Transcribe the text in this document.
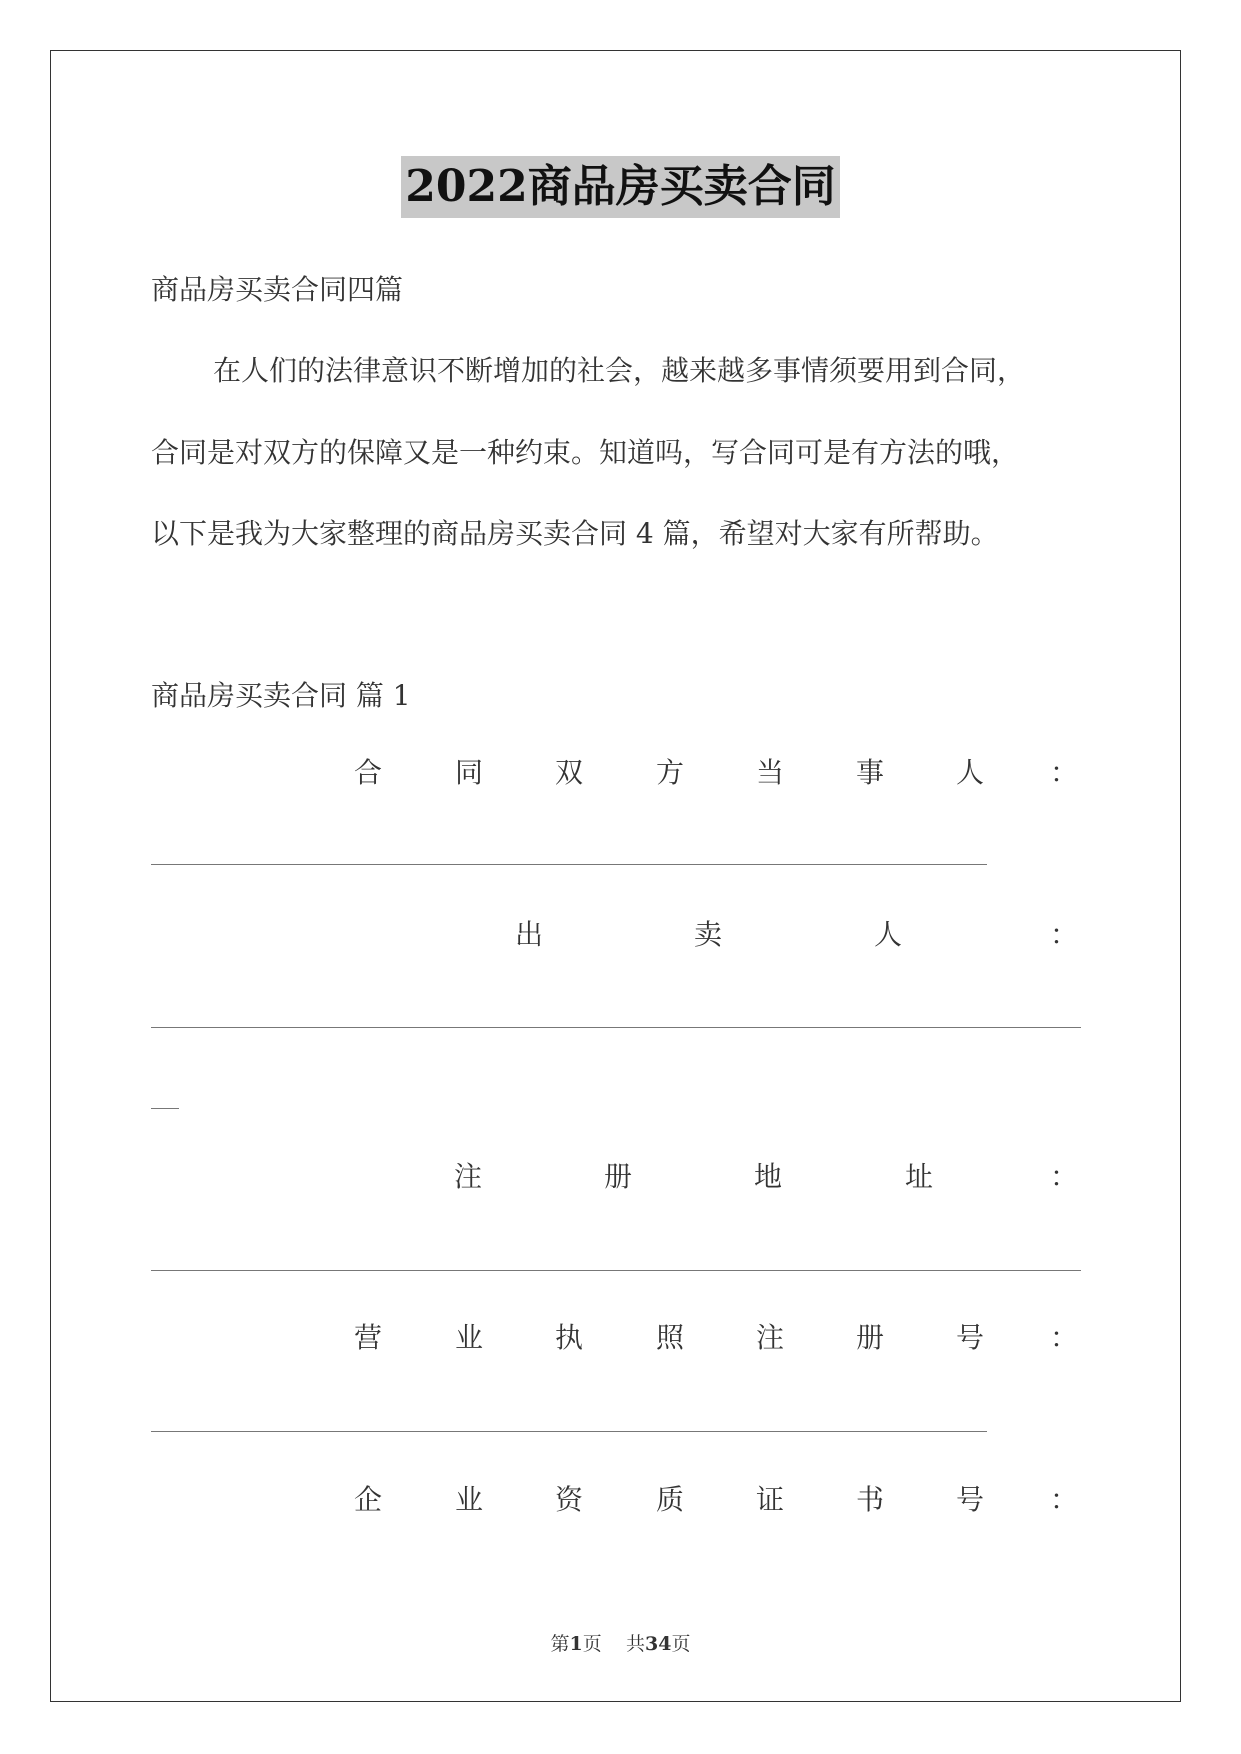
2022商品房买卖合同
商品房买卖合同四篇
在人们的法律意识不断增加的社会，越来越多事情须要用到合同，
合同是对双方的保障又是一种约束。知道吗，写合同可是有方法的哦，
以下是我为大家整理的商品房买卖合同 4 篇，希望对大家有所帮助。
商品房买卖合同 篇 1
合	同	双	方	当	事	人 ：
出	卖	人	：
注	册	地	址	：
营	业	执	照	注	册	号 ：
企	业	资	质	证	书	号 ：
第1页 共34页
